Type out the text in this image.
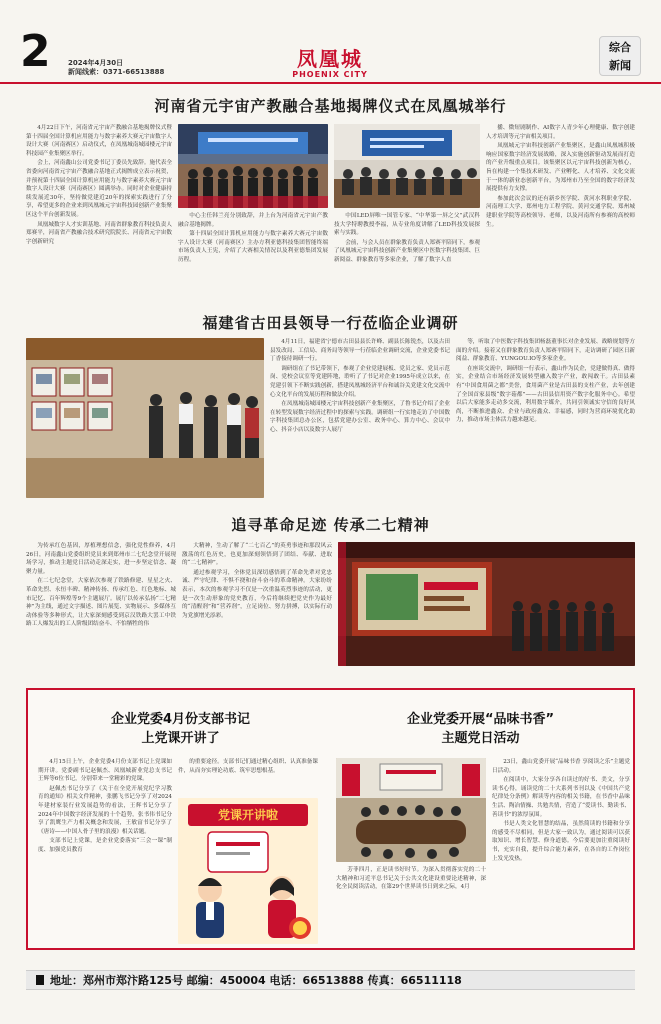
2 2024年4月30日
新闻线索：0371-66513888
凤凰城
PHOENIX CITY
综合
新闻
河南省元宇宙产教融合基地揭牌仪式在凤凰城举行

4月22日下午，河南省元宇宙产教融合基地揭牌仪式暨第十四届全国计算机应用能力与数字素养大赛元宇宙数字人设计大赛（河南赛区）启动仪式，在凤凰城南城园楼元宇宙科技园产业集聚区举行。

会上，河南鑫山公司党委书记丁委员先致辞。施代表全省委向河南省元宇宙产教融合基地正式揭牌成立表示祝贺，并预祝第十四届全国计算机应用能力与数字素养大赛元宇宙数字人设计大赛（河南赛区）圆满举办。同时对企业健康持续发展近30年，坚持做党建近20年的探索实践进行了分享，希望更多的企业来到凤凰城元宇宙科技园创新产业集聚区这个平台创新发展。

凤凰城数字人才实训基地、河南省群象教育科技负责人郑赛平，河南省产教融合技术研究院院长、河南省元宇宙数字创新研究

中心主任韩兰亮分别致辞，并上台为河南省元宇宙产教融合基地揭牌。

第十四届全国计算机应用能力与数字素养大赛元宇宙数字人设计大赛（河南赛区）主办方利亚德科技集团智能终端市场负责人王宪，介绍了大赛相关情况以及利亚德集团发展历程。

中国LED屏唯一国管专家、“中华第一屏之父”武汉科技大学特聘教授李福，从专业角度讲解了LED科技发展探索与实践。

会前，与会人员在群象教育负责人郑赛平陪同下，参观了凤凰城元宇宙科技创新产业集聚区中医数字科技集团、巨新阅益、群象教育等多家企业，了解了数字人直

播、微短剧制作、AI数字人青少年心理健康、数字创建人才培训等元宇宙相关项目。

凤凰城元宇宙科技创新产业集聚区，是鑫山凤凰城积极响应国家数字经济发展战略，深入实施创新驱动发展而打造的产业升级重点项目。该集聚区以元宇宙科技创新为核心，旨在构建一个集技术研发、产业孵化、人才培养、文化交流于一体的新业态创新平台，为郑州市乃至全国的数字经济发展提供有力支撑。

参加此次会议的还有新乡医学院、黄河水利职业学院、河南理工大学、郑州电力工程学院、黄河交通学院、郑州城建职业学院等高校领导、老师，以及河南所有参赛的高校师生。

福建省古田县领导一行莅临企业调研

4月11日，福建省宁德市古田县县长许峰、副县长陈锐杰，以及古田县发改局、工信局、商务局等领导一行莅临企业调研交流，企业党委书记丁香接待调研一行。

调研组在了书记带领下，参观了企业党建展板、党员之家、党员示范岗、党校会议室等党建阵地，聆听了了书记对企业1995年成立以来，在党建引领下不断实践创新，搭建凤凰城经济平台和诚谷关党建文化交流中心文化平台的发展历程和做法介绍。

在凤凰城南城园楼元宇宙科技创新产业集聚区，了鲁书记介绍了企业在转型发展数字经济过程中的探索与实践。调研组一行实地走访了中国数字科技集团总办公区，包括党建办公室、政务中心、算力中心、会议中心、抖音小店以及数字人展厅

等，听取了中医数字科技集团杨磊董事长对企业发展、战略规划等方面的介绍。接着又在群象教育负责人郑赛平陪同下，走访调研了园区日新阅益、群象教育、YUNGOU.IO等多家企业。

在座谈交流中，调研组一行表示，鑫山作为民企，党建做得真、做得实，企业结合市场经济发展转型融入数字产业，敢闯敢干。古田县素有“中国食用菌之都”美誉，食用菌产业是古田县的支柱产业，去年创建了全国首家县级“数字菇都”——古田县信用资产数字化服务中心。希望以后大家能多走动多交流，利用数字媒介，共同引领诚实守信的良好风尚，不断推进鑫众、企业与政府鑫众、幸福感，同时为营商环境优化助力，推动市场主体活力越来越足。

追寻革命足迹 传承二七精神

为传承红色基因，厚植理想信念，强化党性修养，4月26日，河南鑫山党委组织党员来到郑州市二七纪念堂开展现场学习，推动主题党日活动走深走实，进一步坚定信念、凝聚力量。

在二七纪念堂，大家依次参观了铁路修建、星星之火、革命先烈、永恒丰碑、精神传扬、传承红色、红色地标、城市记忆、百年辉煌等9个主题展厅。展厅以传承弘扬“二七精神”为主线，通过文字描述、图片展览、实物展示、多媒体互动体验等多种形式，让大家深刻感受到京汉铁路大罢工中铁路工人爆发出的工人阶级团结奋斗、不怕牺牲的伟

大精神，生动了解了“二七百乙”的英勇事迹和那段风云激荡的红色历史，也更加深刻领悟到了团结、奉献、进取的“二七精神”。

通过参观学习，全体党员深切感悟到了革命先辈对党忠诚、严守纪律、不惧不挠和奋斗奋斗的革命精神。大家纷纷表示，本次的参观学习不仅是一次重温英烈事迹的活动，更是一次生动形象的党史教育，今后将继续把党史作为最好的“清醒剂”和“营养剂”，立足岗位、努力拼搏，以实际行动为党旗增光添彩。

企业党委4月份支部书记
上党课开讲了

4月15日上午，企业党委4月份支部书记上党课如期开讲。党委副书记赵佩杰、凤凰城新业党总支书记王辉等6位书记，分别带来一堂精彩的党课。

赵佩杰书记分享了《关于在全党开展党纪学习教育的通知》相关文件精神，张鹏飞书记分享了对2024年建材家装行业发展趋势的看法，王辉书记分享了2024年中国数字经济发展的十个趋势，张书伟书记分享了凯鹰生产力相关概念和发展，王敏富书记分享了《唐诗——中国人骨子里的浪漫》相关话题。

支部书记上党课，是企业党委落实“三会一课”制度、加强党员教育

的重要途径。支部书记们通过精心组织、认真准备课件，从而夯实理论功底、筑牢思想根基。

党课开讲啦
企业党委开展“品味书香”
主题党日活动

芳菲四月，正是读书好时节。为深入贯彻落实党的二十大精神和习近平总书记关于公共文化建设重要论述精神，深化全民阅读活动，在第29个世界读书日到来之际，4月

23日，鑫山党委开展“品味书香 享阅读之乐”主题党日活动。

在阅读中，大家分享各自读过的好书、美文，分享读书心得，诵读党的二十大系列书刊以及《中国共产党纪律处分条例》解读等内容的相关书籍，在书香中品味生活、陶冶情操、共勉共情，营造了“爱读书、勤读书、善读书”的浓厚氛围。

书是人类文化智慧的结晶，虽然简读的书籍和分享的感受不尽相同，但是大家一致认为，通过阅读可以获取知识、增长智慧、修身道德。今后要更加注重阅读好书，充实自我，提升综合能力素养，在各自的工作岗位上发光发热。

地址：郑州市郑汴路125号 邮编：450004 电话：66513888 传真：66511118
